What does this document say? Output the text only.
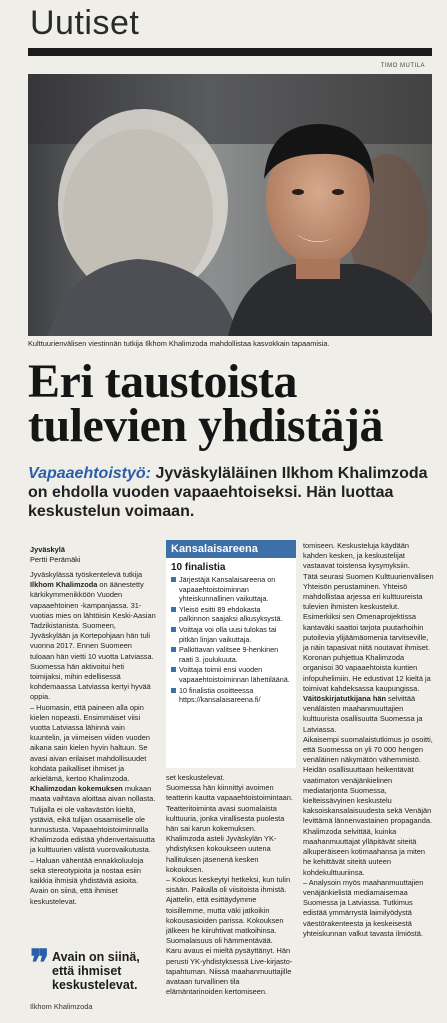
Uutiset
TIMO MUTILA
Kulttuurienvälisen viestinnän tutkija Ilkhom Khalimzoda mahdollistaa kasvokkain tapaamisia.
Eri taustoista
tulevien yhdistäjä
Vapaaehtoistyö: Jyväskyläläinen Ilkhom Khalimzoda on ehdolla vuoden vapaaehtoiseksi. Hän luottaa keskustelun voimaan.
Jyväskylä
Pertti Perämäki

Jyväskylässä työskentelevä tutkija Ilkhom Khalimzoda on äänestetty kärkikymmenikköön Vuoden vapaaehtoinen -kampanjassa. 31-vuotias mies on lähtöisin Keski-Aasian Tadzikistanista. Suomeen, Jyväskylään ja Kortepohjaan hän tuli vuonna 2017. Ennen Suomeen tuloaan hän vietti 10 vuotta Latviassa. Suomessa hän aktivoitui heti toimijaksi, mihin edellisessä kohdemaassa Latviassa kertyi hyvää oppia.

– Huomasin, että paineen alla opin kielen nopeasti. Ensimmäiset viisi vuotta Latviassa lähinnä vain kuuntelin, ja viimeisen viiden vuoden aikana sain kielen hyvin haltuun. Se avasi aivan erilaiset mahdollisuudet kohdata paikalliset ihmiset ja arkielämä, kertoo Khalimzoda.

Khalimzodan kokemuksen mukaan maata vaihtava aloittaa aivan nollasta. Tulijalla ei ole valtavästön kieltä, ystäviä, eikä tulijan osaamiselle ole tunnustusta. Vapaaehtoistoiminnalla Khalimzoda edistää yhdenvertaisuutta ja kulttuurien välistä vuorovaikutusta.

– Haluan vähentää ennakkoluuloja sekä stereotypioita ja nostaa esiin kaikkia ihmisiä yhdistäviä asioita. Avain on siinä, että ihmiset keskustelevat.

❞ Avain on siinä, että ihmiset keskustelevat.
Ilkhom Khalimzoda
Kansalaisareena
10 finalistia
Järjestäjä Kansalaisareena on vapaaehtoistoiminnan yhteiskunnallinen vaikuttaja.
Yleisö esitti 89 ehdokasta palkinnon saajaksi alkusyksystä.
Voittaja voi olla uusi tulokas tai pitkän linjan vaikuttaja.
Palkittavan valitsee 9-henkinen raati 3. joulukuuta.
Voittaja toimii ensi vuoden vapaaehtoistoiminnan lähettiläänä.
10 finalistia osoitteessa https://kansalaisareena.fi/

set keskustelevat.

Suomessa hän kiinnittyi avoimen teatterin kautta vapaaehtoistoimintaan. Teatteritoiminta avasi suomalaista kulttuuria, jonka virallisesta puolesta hän sai karun kokemuksen. Khalimzoda asteli Jyväskylän YK-yhdistyksen kokoukseen uutena hallituksen jäsenenä kesken kokouksen.

– Kokous keskeytyi hetkeksi, kun tulin sisään. Paikalla oli viisitoista ihmistä. Ajattelin, että esittäydymme toisillemme, mutta väki jatkoikin kokousasioiden parissa. Kokouksen jälkeen he kiiruhtivat matkoihinsa. Suomalaisuus oli hämmentävää.

Karu avaus ei mieltä pysäyttänyt. Hän perusti YK-yhdistyksessä Live-kirjasto-tapahtuman. Niissä maahanmuuttajille avataan turvallinen tila elämäntarinoiden kertomiseen.

tomiseen. Keskusteluja käydään kahden kesken, ja keskustelijat vastaavat toistensa kysymyksiin.

Tätä seurasi Suomen Kulttuurienvälisen Yhteisön perustaminen. Yhteisö mahdollistaa arjessa eri kulttuureista tulevien ihmisten keskustelut. Esimerkiksi sen Omenaprojektissa kantaväki saattoi tarjota puutarhoihin putoilevia ylijäämäomenia tarvitseville, ja näin tapasivat niitä noutavat ihmiset.

Koronan puhjettua Khalimzoda organisoi 30 vapaaehtoista kuntien infopuhelimiin. He edustivat 12 kieltä ja toimivat kahdeksassa kaupungissa.

Väitöskirjatutkijana hän selvittää venäläisten maahanmuuttajien kulttuurista osallisuutta Suomessa ja Latviassa.

Aikaisempi suomalaistutkimus jo osoitti, että Suomessa on yli 70 000 hengen venäläinen näkymätön vähemmistö. Heidän osallisuuttaan heikentävät vaatimaton venäjänkielinen mediatarjonta Suomessa, kielteissävyinen keskustelu kaksoiskansalaisuudesta sekä Venäjän levittämä lännenvastainen propaganda. Khalimzoda selvittää, kuinka maahanmuuttajat ylläpitävät siteitä alkuperäiseen kotimaahansa ja miten he kehittävät siteitä uuteen kohdekulttuuriinsa.

– Analysoin myös maahanmuuttajien venäjänkielistä mediamaisemaa Suomessa ja Latviassa. Tutkimus edistää ymmärrystä laimilyödystä väestörakenteesta ja keskeisestä yhteiskunnan valkut tavasta ilmiöstä.
